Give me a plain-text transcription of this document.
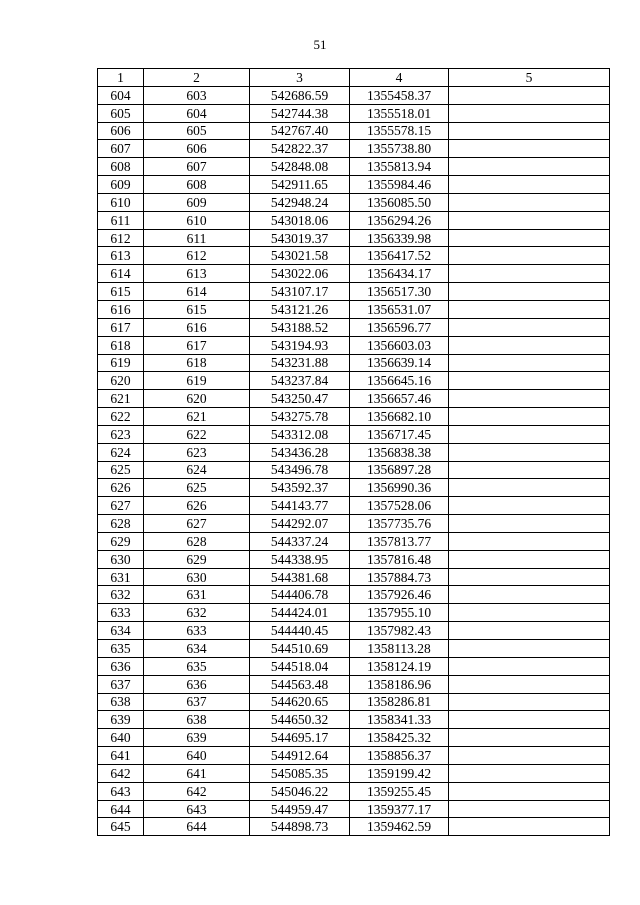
51
1	2	3	4	5
604	603	542686.59	1355458.37	
605	604	542744.38	1355518.01	
606	605	542767.40	1355578.15	
607	606	542822.37	1355738.80	
608	607	542848.08	1355813.94	
609	608	542911.65	1355984.46	
610	609	542948.24	1356085.50	
611	610	543018.06	1356294.26	
612	611	543019.37	1356339.98	
613	612	543021.58	1356417.52	
614	613	543022.06	1356434.17	
615	614	543107.17	1356517.30	
616	615	543121.26	1356531.07	
617	616	543188.52	1356596.77	
618	617	543194.93	1356603.03	
619	618	543231.88	1356639.14	
620	619	543237.84	1356645.16	
621	620	543250.47	1356657.46	
622	621	543275.78	1356682.10	
623	622	543312.08	1356717.45	
624	623	543436.28	1356838.38	
625	624	543496.78	1356897.28	
626	625	543592.37	1356990.36	
627	626	544143.77	1357528.06	
628	627	544292.07	1357735.76	
629	628	544337.24	1357813.77	
630	629	544338.95	1357816.48	
631	630	544381.68	1357884.73	
632	631	544406.78	1357926.46	
633	632	544424.01	1357955.10	
634	633	544440.45	1357982.43	
635	634	544510.69	1358113.28	
636	635	544518.04	1358124.19	
637	636	544563.48	1358186.96	
638	637	544620.65	1358286.81	
639	638	544650.32	1358341.33	
640	639	544695.17	1358425.32	
641	640	544912.64	1358856.37	
642	641	545085.35	1359199.42	
643	642	545046.22	1359255.45	
644	643	544959.47	1359377.17	
645	644	544898.73	1359462.59	
